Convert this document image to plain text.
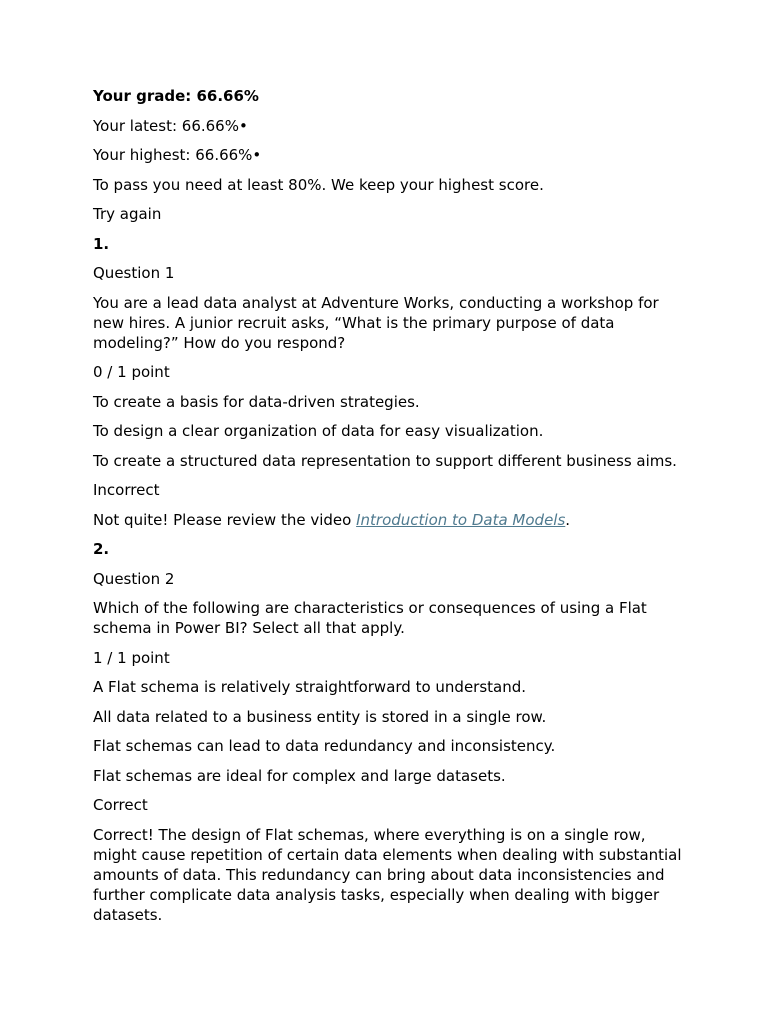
Your grade: 66.66%

Your latest: 66.66%•

Your highest: 66.66%•

To pass you need at least 80%. We keep your highest score.

Try again

1.

Question 1

You are a lead data analyst at Adventure Works, conducting a workshop for new hires. A junior recruit asks, “What is the primary purpose of data modeling?” How do you respond?

0 / 1 point

To create a basis for data-driven strategies.

To design a clear organization of data for easy visualization.

To create a structured data representation to support different business aims.

Incorrect

Not quite! Please review the video Introduction to Data Models.

2.

Question 2

Which of the following are characteristics or consequences of using a Flat schema in Power BI? Select all that apply.

1 / 1 point

A Flat schema is relatively straightforward to understand.

All data related to a business entity is stored in a single row.

Flat schemas can lead to data redundancy and inconsistency.

Flat schemas are ideal for complex and large datasets.

Correct

Correct! The design of Flat schemas, where everything is on a single row, might cause repetition of certain data elements when dealing with substantial amounts of data. This redundancy can bring about data inconsistencies and further complicate data analysis tasks, especially when dealing with bigger datasets.
